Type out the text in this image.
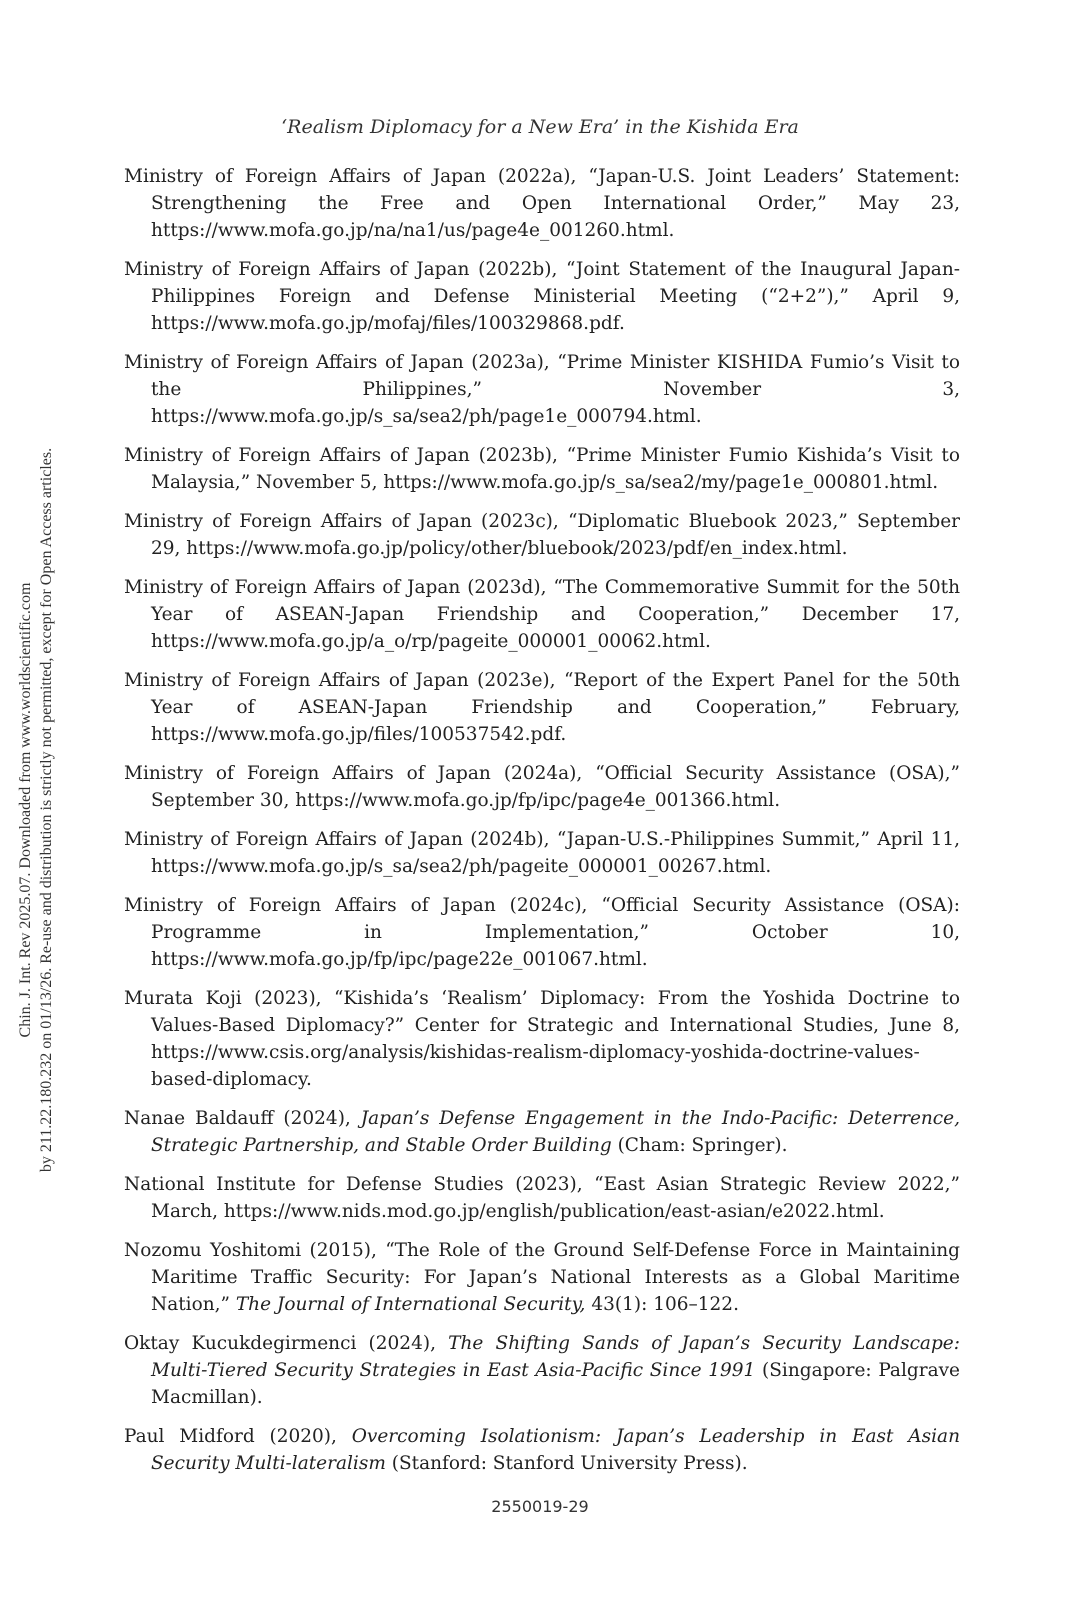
‘Realism Diplomacy for a New Era’ in the Kishida Era
Chin. J. Int. Rev 2025.07. Downloaded from www.worldscientific.com by 211.22.180.232 on 01/13/26. Re-use and distribution is strictly not permitted, except for Open Access articles.

Ministry of Foreign Affairs of Japan (2022a), “Japan-U.S. Joint Leaders’ Statement: Strengthening the Free and Open International Order,” May 23, https://www.mofa.go.jp/na/na1/us/page4e_001260.html.

Ministry of Foreign Affairs of Japan (2022b), “Joint Statement of the Inaugural Japan-Philippines Foreign and Defense Ministerial Meeting (“2+2”),” April 9, https://www.mofa.go.jp/mofaj/files/100329868.pdf.

Ministry of Foreign Affairs of Japan (2023a), “Prime Minister KISHIDA Fumio’s Visit to the Philippines,” November 3, https://www.mofa.go.jp/s_sa/sea2/ph/page1e_000794.html.

Ministry of Foreign Affairs of Japan (2023b), “Prime Minister Fumio Kishida’s Visit to Malaysia,” November 5, https://www.mofa.go.jp/s_sa/sea2/my/page1e_000801.html.

Ministry of Foreign Affairs of Japan (2023c), “Diplomatic Bluebook 2023,” September 29, https://www.mofa.go.jp/policy/other/bluebook/2023/pdf/en_index.html.

Ministry of Foreign Affairs of Japan (2023d), “The Commemorative Summit for the 50th Year of ASEAN-Japan Friendship and Cooperation,” December 17, https://www.mofa.go.jp/a_o/rp/pageite_000001_00062.html.

Ministry of Foreign Affairs of Japan (2023e), “Report of the Expert Panel for the 50th Year of ASEAN-Japan Friendship and Cooperation,” February, https://www.mofa.go.jp/files/100537542.pdf.

Ministry of Foreign Affairs of Japan (2024a), “Official Security Assistance (OSA),” September 30, https://www.mofa.go.jp/fp/ipc/page4e_001366.html.

Ministry of Foreign Affairs of Japan (2024b), “Japan-U.S.-Philippines Summit,” April 11, https://www.mofa.go.jp/s_sa/sea2/ph/pageite_000001_00267.html.

Ministry of Foreign Affairs of Japan (2024c), “Official Security Assistance (OSA): Programme in Implementation,” October 10, https://www.mofa.go.jp/fp/ipc/page22e_001067.html.

Murata Koji (2023), “Kishida’s ‘Realism’ Diplomacy: From the Yoshida Doctrine to Values-Based Diplomacy?” Center for Strategic and International Studies, June 8, https://www.csis.org/analysis/kishidas-realism-diplomacy-yoshida-doctrine-values-based-diplomacy.

Nanae Baldauff (2024), Japan’s Defense Engagement in the Indo-Pacific: Deterrence, Strategic Partnership, and Stable Order Building (Cham: Springer).

National Institute for Defense Studies (2023), “East Asian Strategic Review 2022,” March, https://www.nids.mod.go.jp/english/publication/east-asian/e2022.html.

Nozomu Yoshitomi (2015), “The Role of the Ground Self-Defense Force in Maintaining Maritime Traffic Security: For Japan’s National Interests as a Global Maritime Nation,” The Journal of International Security, 43(1): 106–122.

Oktay Kucukdegirmenci (2024), The Shifting Sands of Japan’s Security Landscape: Multi-Tiered Security Strategies in East Asia-Pacific Since 1991 (Singapore: Palgrave Macmillan).

Paul Midford (2020), Overcoming Isolationism: Japan’s Leadership in East Asian Security Multi-lateralism (Stanford: Stanford University Press).

2550019-29
